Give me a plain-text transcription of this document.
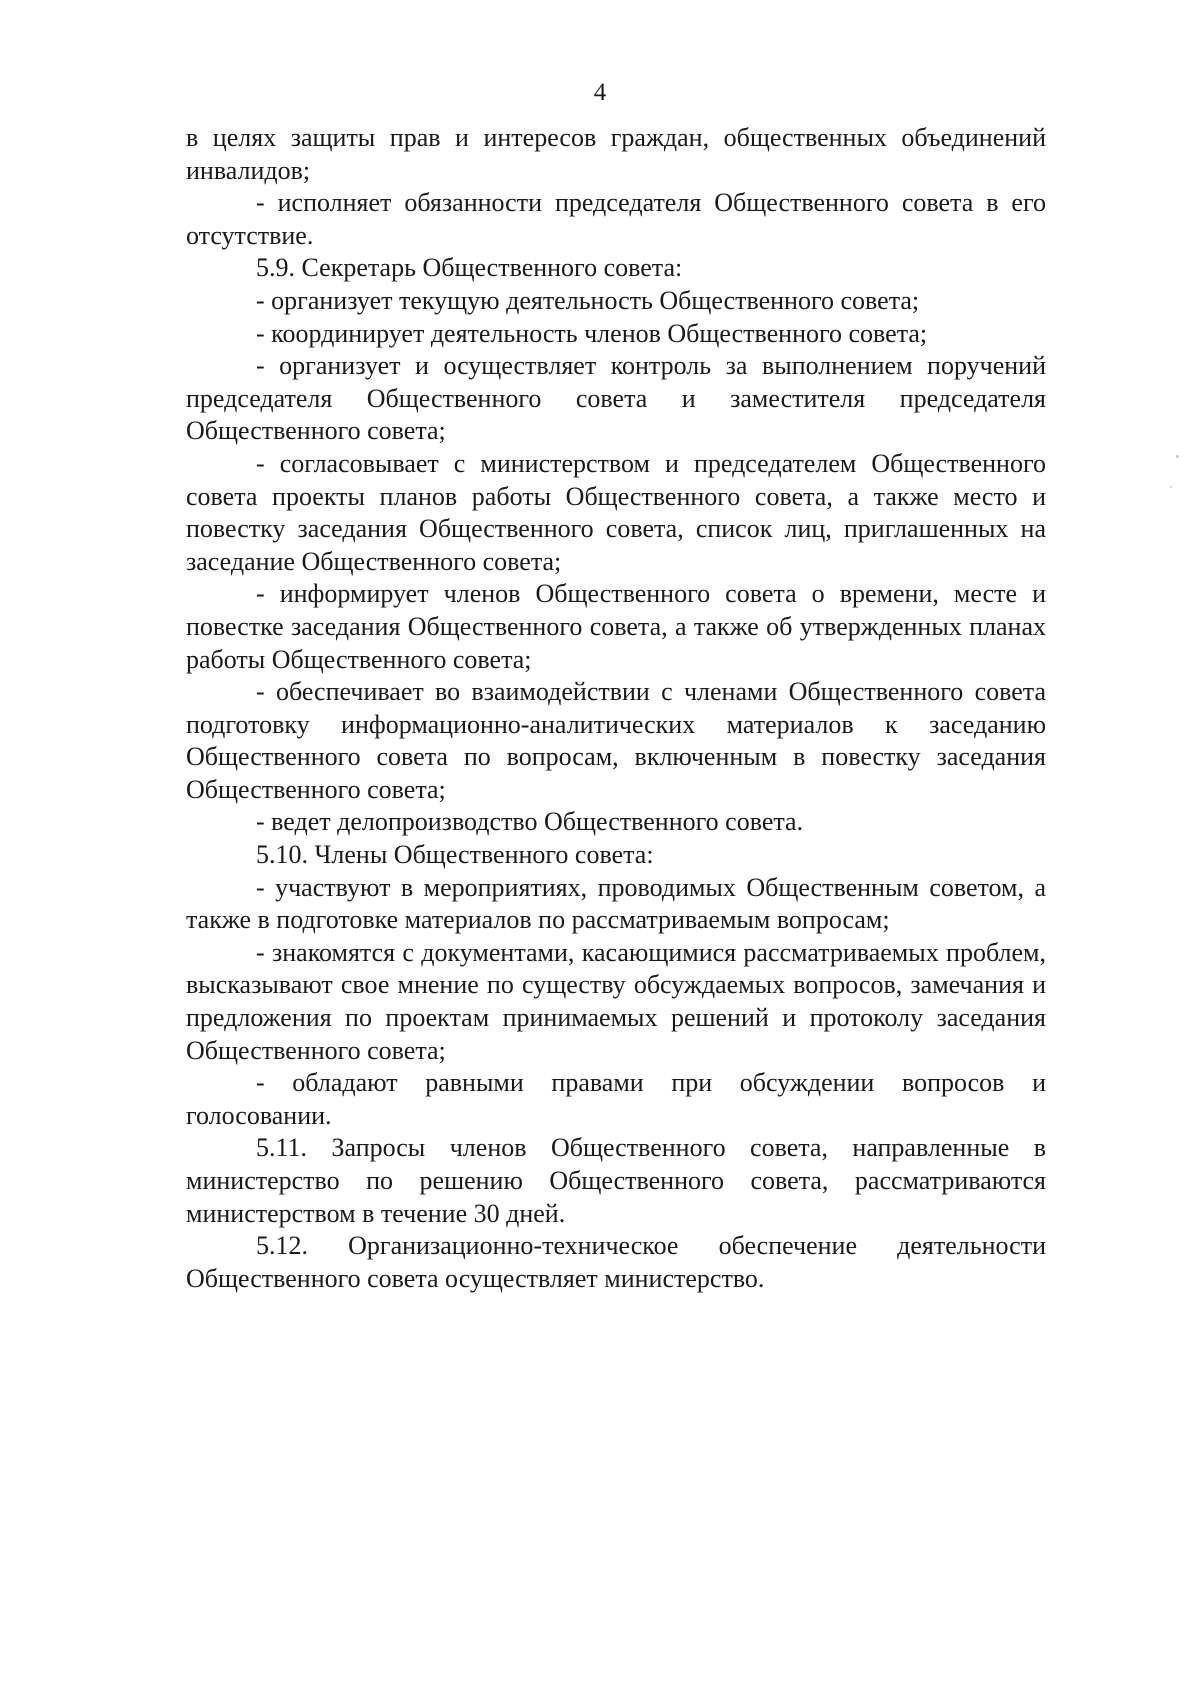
4

в целях защиты прав и интересов граждан, общественных объединений инвалидов;

- исполняет обязанности председателя Общественного совета в его отсутствие.

5.9. Секретарь Общественного совета:

- организует текущую деятельность Общественного совета;

- координирует деятельность членов Общественного совета;

- организует и осуществляет контроль за выполнением поручений председателя Общественного совета и заместителя председателя Общественного совета;

- согласовывает с министерством и председателем Общественного совета проекты планов работы Общественного совета, а также место и повестку заседания Общественного совета, список лиц, приглашенных на заседание Общественного совета;

- информирует членов Общественного совета о времени, месте и повестке заседания Общественного совета, а также об утвержденных планах работы Общественного совета;

- обеспечивает во взаимодействии с членами Общественного совета подготовку информационно-аналитических материалов к заседанию Общественного совета по вопросам, включенным в повестку заседания Общественного совета;

- ведет делопроизводство Общественного совета.

5.10. Члены Общественного совета:

- участвуют в мероприятиях, проводимых Общественным советом, а также в подготовке материалов по рассматриваемым вопросам;

- знакомятся с документами, касающимися рассматриваемых проблем, высказывают свое мнение по существу обсуждаемых вопросов, замечания и предложения по проектам принимаемых решений и протоколу заседания Общественного совета;

- обладают равными правами при обсуждении вопросов и голосовании.

5.11. Запросы членов Общественного совета, направленные в министерство по решению Общественного совета, рассматриваются министерством в течение 30 дней.

5.12. Организационно-техническое обеспечение деятельности Общественного совета осуществляет министерство.
